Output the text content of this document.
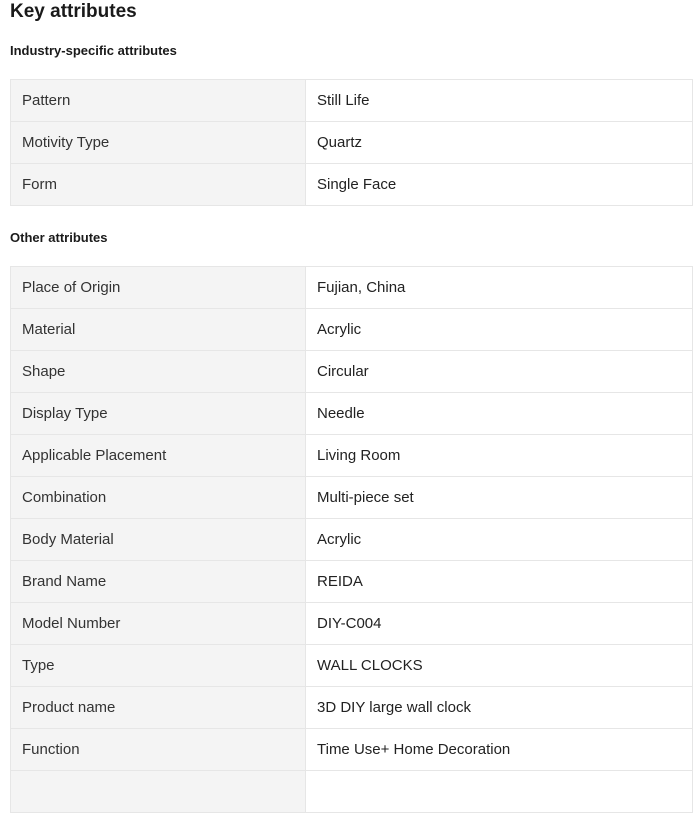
Key attributes
Industry-specific attributes
Pattern	Still Life
Motivity Type	Quartz
Form	Single Face
Other attributes
Place of Origin	Fujian, China
Material	Acrylic
Shape	Circular
Display Type	Needle
Applicable Placement	Living Room
Combination	Multi-piece set
Body Material	Acrylic
Brand Name	REIDA
Model Number	DIY-C004
Type	WALL CLOCKS
Product name	3D DIY large wall clock
Function	Time Use+ Home Decoration
